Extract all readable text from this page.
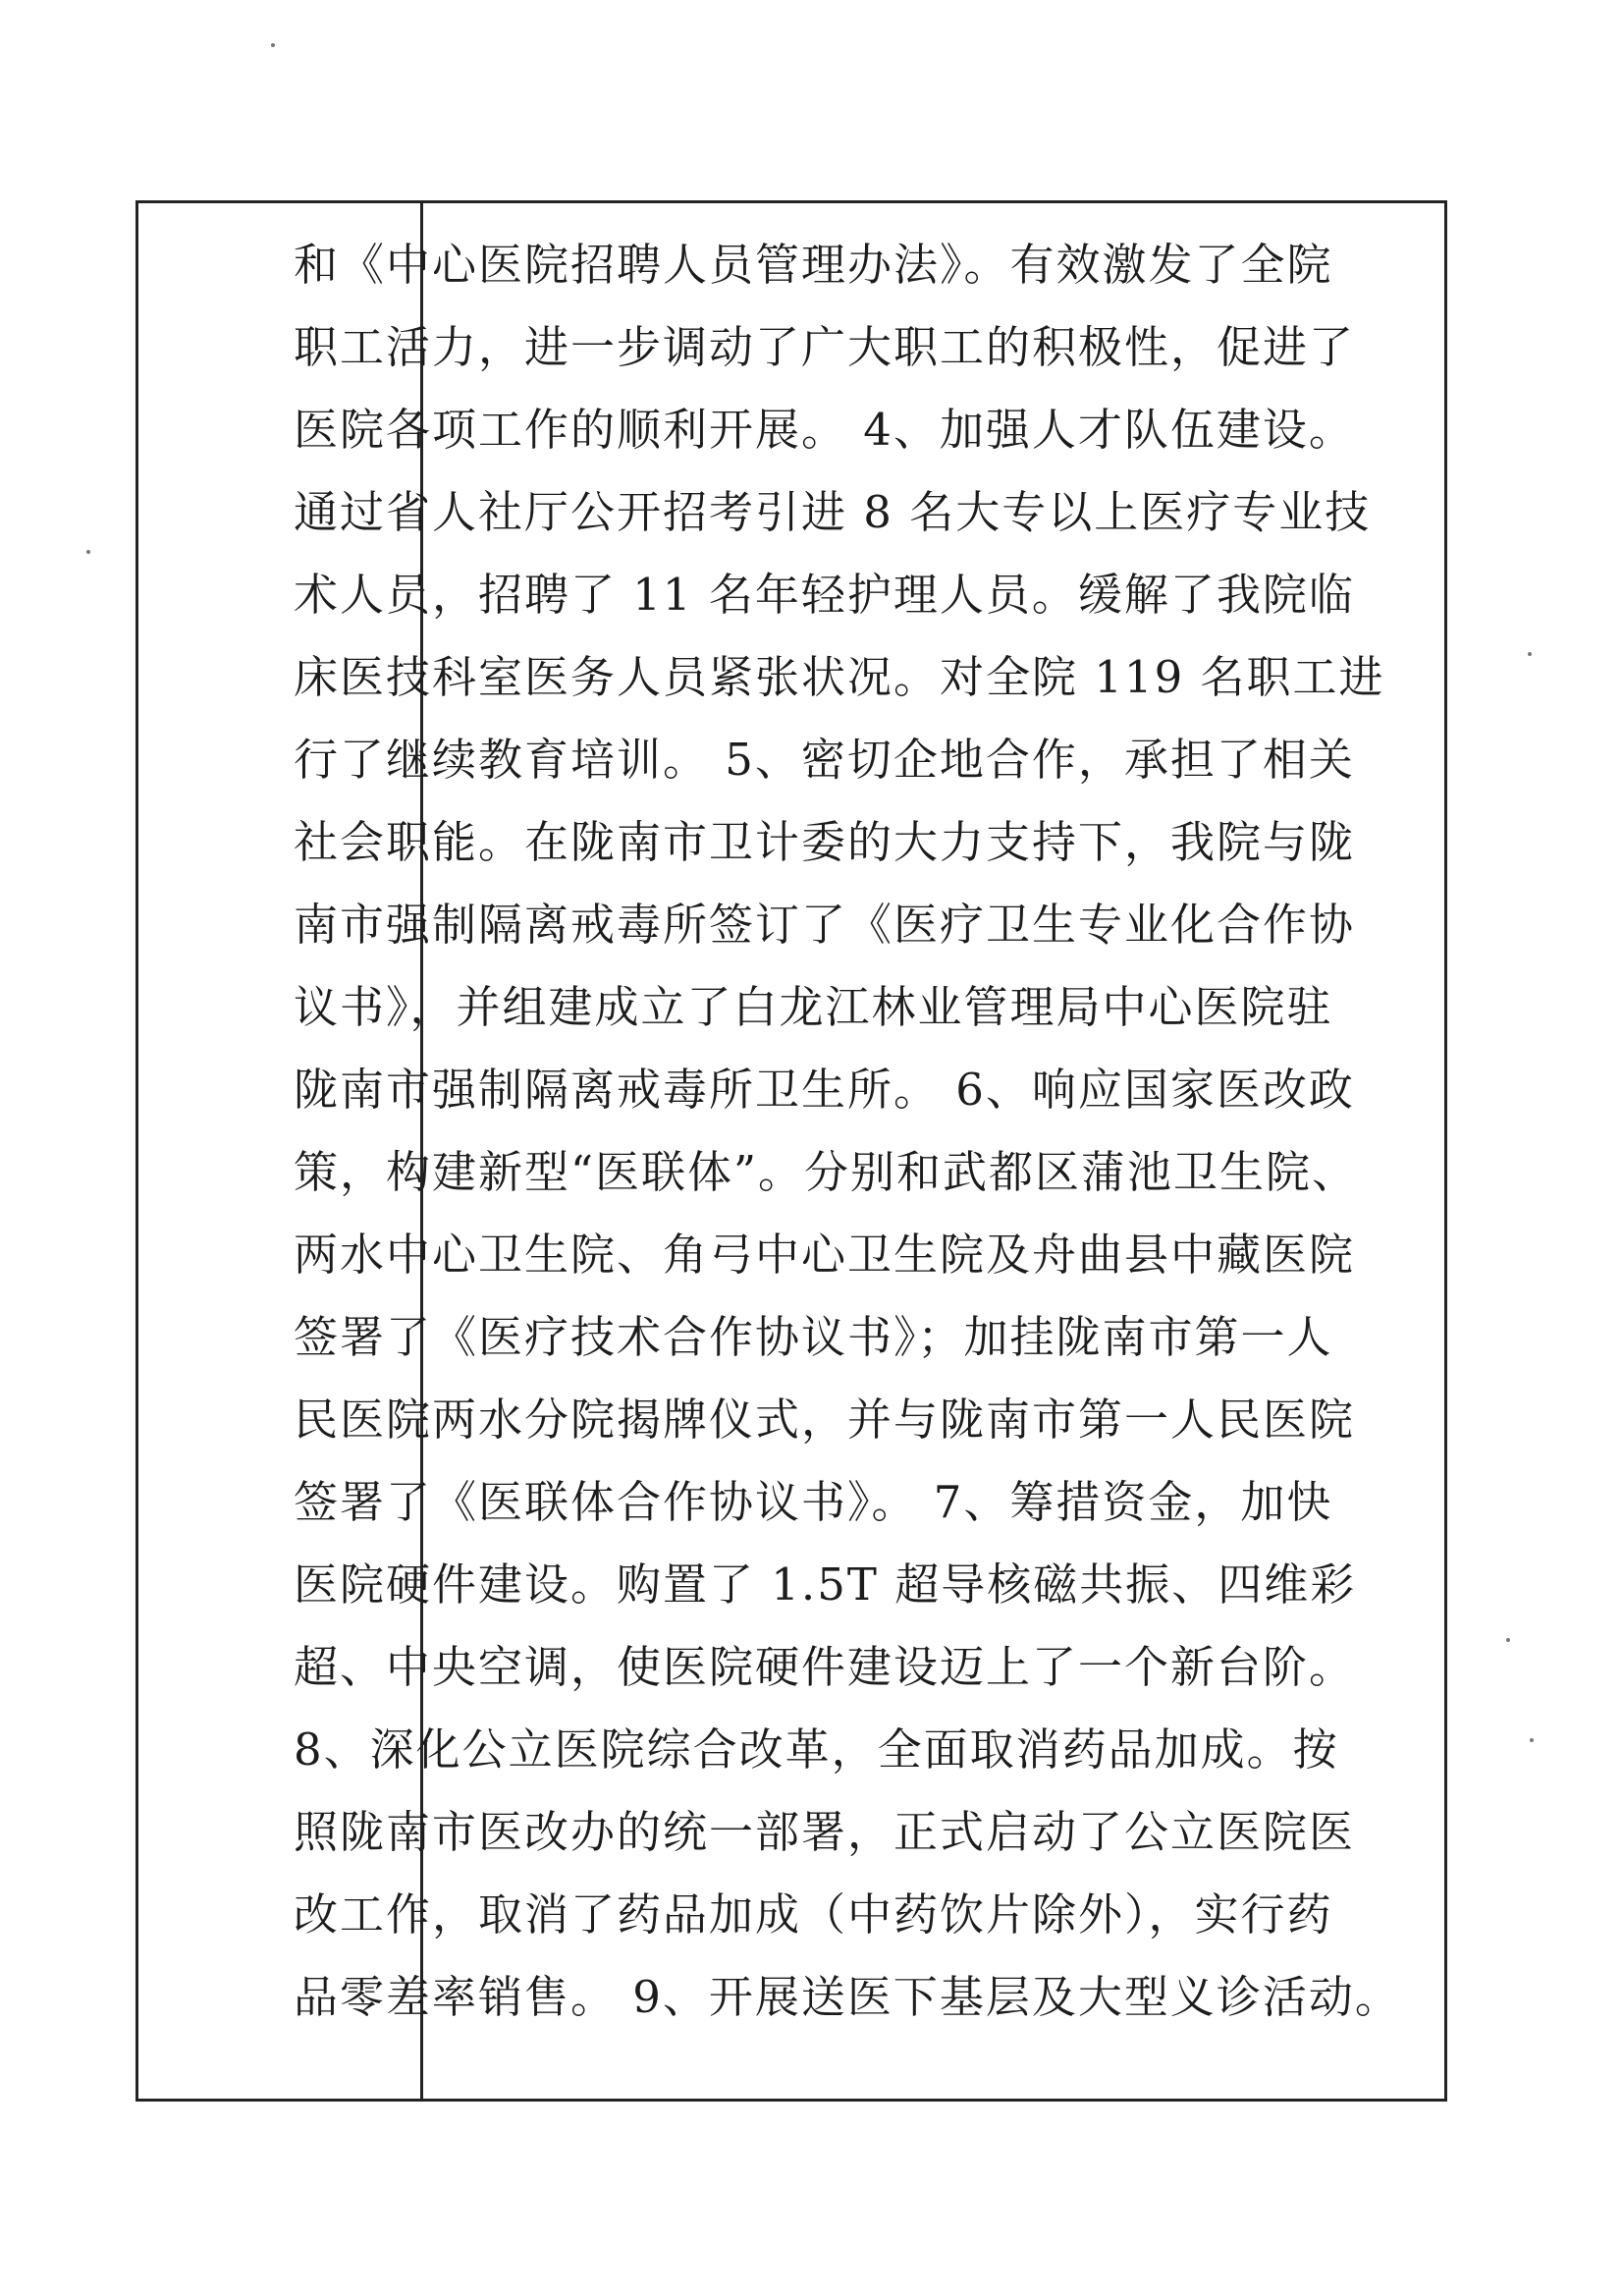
和《中心医院招聘人员管理办法》。有效激发了全院
职工活力，进一步调动了广大职工的积极性，促进了
医院各项工作的顺利开展。 4、加强人才队伍建设。
通过省人社厅公开招考引进 8 名大专以上医疗专业技
术人员，招聘了 11 名年轻护理人员。缓解了我院临
床医技科室医务人员紧张状况。对全院 119 名职工进
行了继续教育培训。 5、密切企地合作，承担了相关
社会职能。在陇南市卫计委的大力支持下，我院与陇
南市强制隔离戒毒所签订了《医疗卫生专业化合作协
议书》，并组建成立了白龙江林业管理局中心医院驻
陇南市强制隔离戒毒所卫生所。 6、响应国家医改政
策，构建新型“医联体”。分别和武都区蒲池卫生院、
两水中心卫生院、角弓中心卫生院及舟曲县中藏医院
签署了《医疗技术合作协议书》；加挂陇南市第一人
民医院两水分院揭牌仪式，并与陇南市第一人民医院
签署了《医联体合作协议书》。 7、筹措资金，加快
医院硬件建设。购置了 1.5T 超导核磁共振、四维彩
超、中央空调，使医院硬件建设迈上了一个新台阶。
8、深化公立医院综合改革，全面取消药品加成。按
照陇南市医改办的统一部署，正式启动了公立医院医
改工作，取消了药品加成（中药饮片除外），实行药
品零差率销售。 9、开展送医下基层及大型义诊活动。
